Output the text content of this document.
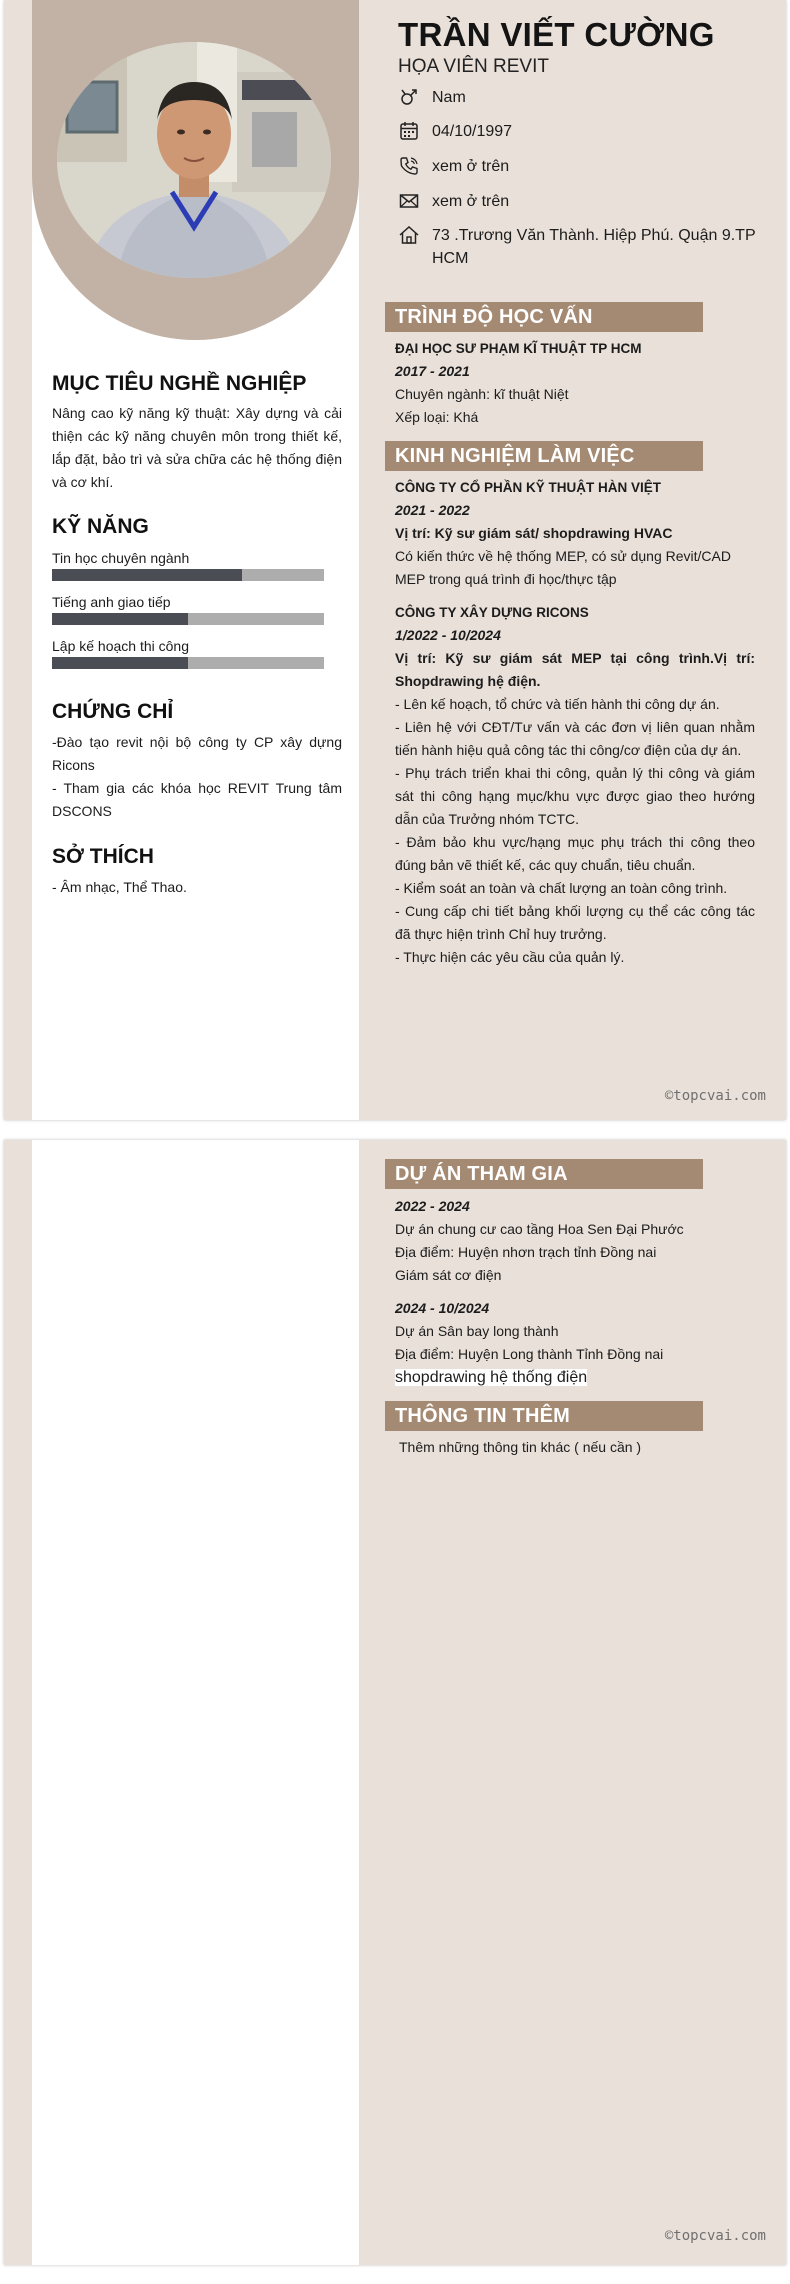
TRẦN VIẾT CƯỜNG
HỌA VIÊN REVIT
Nam
04/10/1997
xem ở trên
xem ở trên
73 .Trương Văn Thành. Hiệp Phú. Quận 9.TP HCM
MỤC TIÊU NGHỀ NGHIỆP
Nâng cao kỹ năng kỹ thuật: Xây dựng và cải thiện các kỹ năng chuyên môn trong thiết kế, lắp đặt, bảo trì và sửa chữa các hệ thống điện và cơ khí.
KỸ NĂNG
Tin học chuyên ngành
Tiếng anh giao tiếp
Lập kế hoạch thi công
CHỨNG CHỈ
-Đào tạo revit nội bộ công ty CP xây dựng Ricons
- Tham gia các khóa học REVIT Trung tâm DSCONS
SỞ THÍCH
- Âm nhạc, Thể Thao.
TRÌNH ĐỘ HỌC VẤN
ĐẠI HỌC SƯ PHẠM KĨ THUẬT TP HCM
2017 - 2021
Chuyên ngành: kĩ thuật Niệt
Xếp loại: Khá
KINH NGHIỆM LÀM VIỆC
CÔNG TY CỔ PHẦN KỸ THUẬT HÀN VIỆT
2021 - 2022
Vị trí: Kỹ sư giám sát/ shopdrawing HVAC
Có kiến thức về hệ thống MEP, có sử dụng Revit/CAD MEP trong quá trình đi học/thực tập
CÔNG TY XÂY DỰNG RICONS
1/2022 - 10/2024
Vị trí: Kỹ sư giám sát MEP tại công trình.Vị trí: Shopdrawing hệ điện.
- Lên kế hoạch, tổ chức và tiến hành thi công dự án.
- Liên hệ với CĐT/Tư vấn và các đơn vị liên quan nhằm tiến hành hiệu quả công tác thi công/cơ điện của dự án.
- Phụ trách triển khai thi công, quản lý thi công và giám sát thi công hạng mục/khu vực được giao theo hướng dẫn của Trưởng nhóm TCTC.
- Đảm bảo khu vực/hạng mục phụ trách thi công theo đúng bản vẽ thiết kế, các quy chuẩn, tiêu chuẩn.
- Kiểm soát an toàn và chất lượng an toàn công trình.
- Cung cấp chi tiết bảng khối lượng cụ thể các công tác đã thực hiện trình Chỉ huy trưởng.
- Thực hiện các yêu cầu của quản lý.
©topcvai.com
DỰ ÁN THAM GIA
2022 - 2024
Dự án chung cư cao tầng Hoa Sen Đại Phước
Địa điểm: Huyện nhơn trạch tỉnh Đồng nai
Giám sát cơ điện
2024 - 10/2024
Dự án Sân bay long thành
Địa điểm: Huyện Long thành Tỉnh Đồng nai
shopdrawing hệ thống điện
THÔNG TIN THÊM
Thêm những thông tin khác ( nếu cần )
©topcvai.com
